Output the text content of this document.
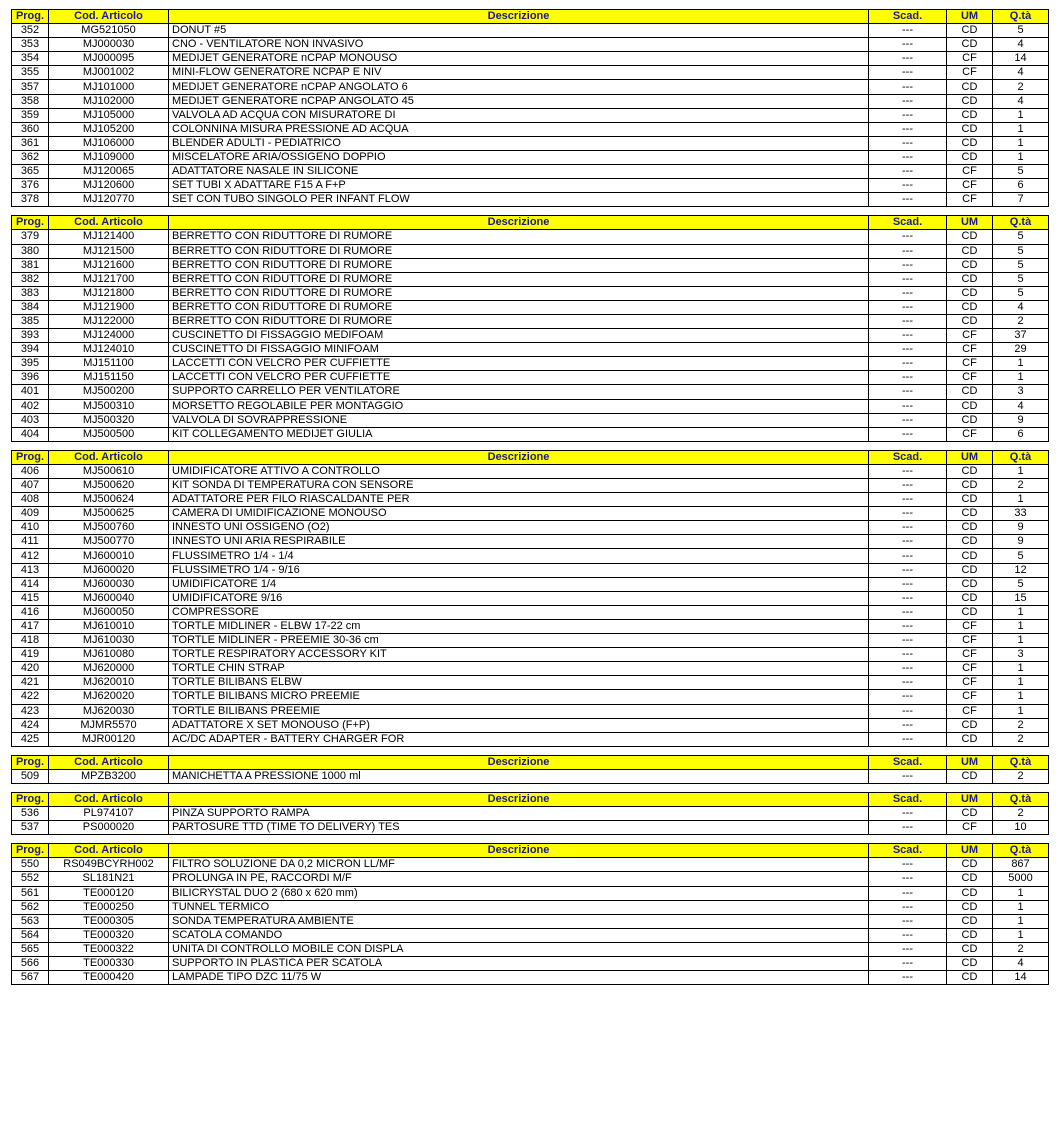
Prog.	Cod. Articolo	Descrizione	Scad.	UM	Q.tà
352	MG521050	DONUT #5	---	CD	5
353	MJ000030	CNO - VENTILATORE NON INVASIVO	---	CD	4
354	MJ000095	MEDIJET GENERATORE nCPAP MONOUSO	---	CF	14
355	MJ001002	MINI-FLOW GENERATORE NCPAP E NIV	---	CF	4
357	MJ101000	MEDIJET GENERATORE nCPAP ANGOLATO 6	---	CD	2
358	MJ102000	MEDIJET GENERATORE nCPAP ANGOLATO 45	---	CD	4
359	MJ105000	VALVOLA AD ACQUA CON MISURATORE DI	---	CD	1
360	MJ105200	COLONNINA MISURA PRESSIONE AD ACQUA	---	CD	1
361	MJ106000	BLENDER ADULTI - PEDIATRICO	---	CD	1
362	MJ109000	MISCELATORE ARIA/OSSIGENO DOPPIO	---	CD	1
365	MJ120065	ADATTATORE NASALE IN SILICONE	---	CF	5
376	MJ120600	SET TUBI X ADATTARE F15 A F+P	---	CF	6
378	MJ120770	SET CON TUBO SINGOLO PER INFANT FLOW	---	CF	7
Prog.	Cod. Articolo	Descrizione	Scad.	UM	Q.tà
379	MJ121400	BERRETTO CON RIDUTTORE DI RUMORE	---	CD	5
380	MJ121500	BERRETTO CON RIDUTTORE DI RUMORE	---	CD	5
381	MJ121600	BERRETTO CON RIDUTTORE DI RUMORE	---	CD	5
382	MJ121700	BERRETTO CON RIDUTTORE DI RUMORE	---	CD	5
383	MJ121800	BERRETTO CON RIDUTTORE DI RUMORE	---	CD	5
384	MJ121900	BERRETTO CON RIDUTTORE DI RUMORE	---	CD	4
385	MJ122000	BERRETTO CON RIDUTTORE DI RUMORE	---	CD	2
393	MJ124000	CUSCINETTO DI FISSAGGIO MEDIFOAM	---	CF	37
394	MJ124010	CUSCINETTO DI FISSAGGIO MINIFOAM	---	CF	29
395	MJ151100	LACCETTI CON VELCRO PER CUFFIETTE	---	CF	1
396	MJ151150	LACCETTI CON VELCRO PER CUFFIETTE	---	CF	1
401	MJ500200	SUPPORTO CARRELLO PER VENTILATORE	---	CD	3
402	MJ500310	MORSETTO REGOLABILE PER MONTAGGIO	---	CD	4
403	MJ500320	VALVOLA DI SOVRAPPRESSIONE	---	CD	9
404	MJ500500	KIT COLLEGAMENTO MEDIJET GIULIA	---	CF	6
Prog.	Cod. Articolo	Descrizione	Scad.	UM	Q.tà
406	MJ500610	UMIDIFICATORE ATTIVO A CONTROLLO	---	CD	1
407	MJ500620	KIT SONDA DI TEMPERATURA CON SENSORE	---	CD	2
408	MJ500624	ADATTATORE PER FILO RIASCALDANTE PER	---	CD	1
409	MJ500625	CAMERA DI UMIDIFICAZIONE MONOUSO	---	CD	33
410	MJ500760	INNESTO UNI OSSIGENO (O2)	---	CD	9
411	MJ500770	INNESTO UNI ARIA RESPIRABILE	---	CD	9
412	MJ600010	FLUSSIMETRO 1/4 - 1/4	---	CD	5
413	MJ600020	FLUSSIMETRO 1/4 - 9/16	---	CD	12
414	MJ600030	UMIDIFICATORE 1/4	---	CD	5
415	MJ600040	UMIDIFICATORE 9/16	---	CD	15
416	MJ600050	COMPRESSORE	---	CD	1
417	MJ610010	TORTLE MIDLINER - ELBW 17-22 cm	---	CF	1
418	MJ610030	TORTLE MIDLINER - PREEMIE 30-36 cm	---	CF	1
419	MJ610080	TORTLE RESPIRATORY ACCESSORY KIT	---	CF	3
420	MJ620000	TORTLE CHIN STRAP	---	CF	1
421	MJ620010	TORTLE BILIBANS ELBW	---	CF	1
422	MJ620020	TORTLE BILIBANS MICRO PREEMIE	---	CF	1
423	MJ620030	TORTLE BILIBANS PREEMIE	---	CF	1
424	MJMR5570	ADATTATORE X SET MONOUSO (F+P)	---	CD	2
425	MJR00120	AC/DC ADAPTER - BATTERY CHARGER FOR	---	CD	2
Prog.	Cod. Articolo	Descrizione	Scad.	UM	Q.tà
509	MPZB3200	MANICHETTA A PRESSIONE 1000 ml	---	CD	2
Prog.	Cod. Articolo	Descrizione	Scad.	UM	Q.tà
536	PL974107	PINZA SUPPORTO RAMPA	---	CD	2
537	PS000020	PARTOSURE TTD (TIME TO DELIVERY) TES	---	CF	10
Prog.	Cod. Articolo	Descrizione	Scad.	UM	Q.tà
550	RS049BCYRH002	FILTRO SOLUZIONE DA 0,2 MICRON LL/MF	---	CD	867
552	SL181N21	PROLUNGA IN PE, RACCORDI M/F	---	CD	5000
561	TE000120	BILICRYSTAL DUO 2 (680 x 620 mm)	---	CD	1
562	TE000250	TUNNEL TERMICO	---	CD	1
563	TE000305	SONDA TEMPERATURA AMBIENTE	---	CD	1
564	TE000320	SCATOLA COMANDO	---	CD	1
565	TE000322	UNITA DI CONTROLLO MOBILE CON DISPLA	---	CD	2
566	TE000330	SUPPORTO IN PLASTICA PER SCATOLA	---	CD	4
567	TE000420	LAMPADE TIPO DZC 11/75 W	---	CD	14
